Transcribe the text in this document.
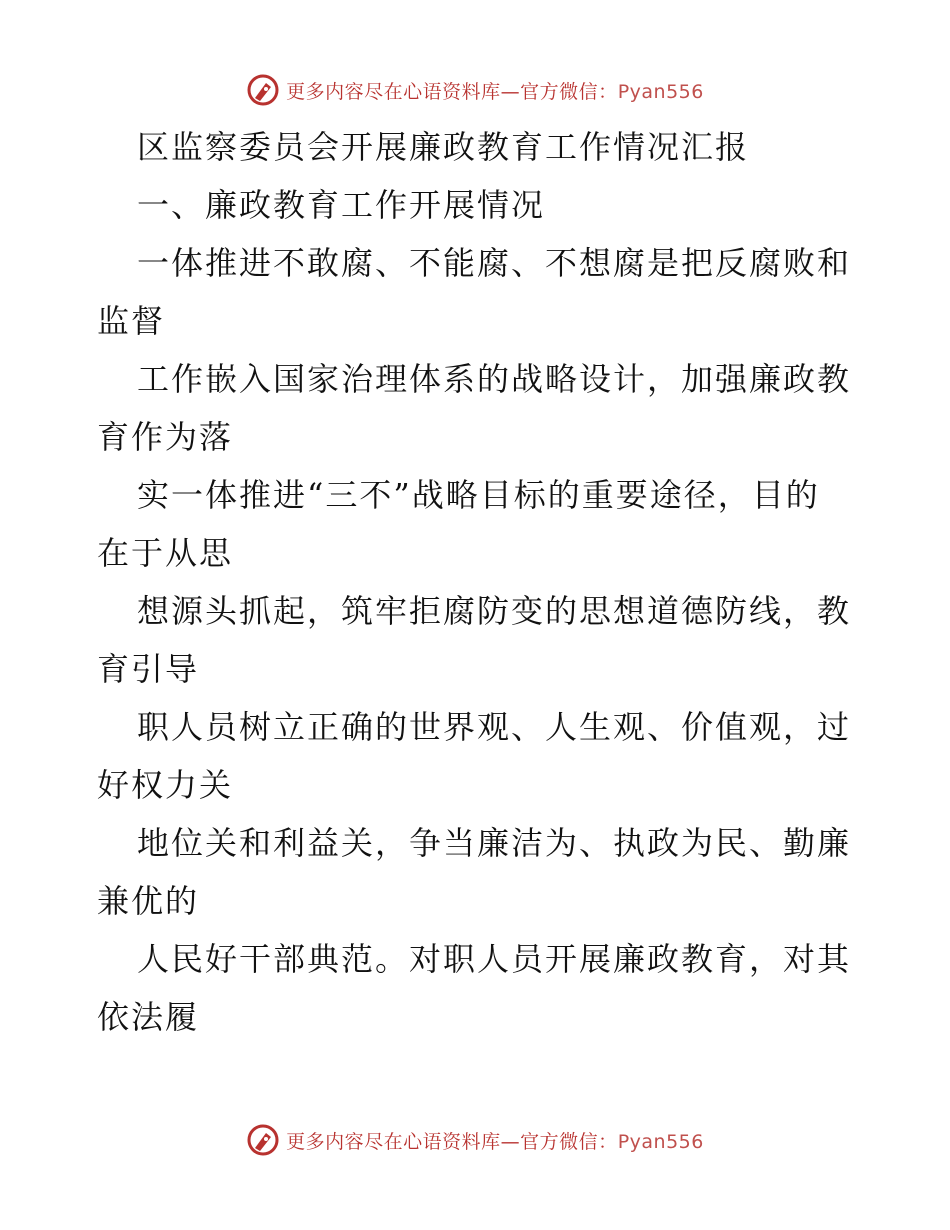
更多内容尽在心语资料库—官方微信：Pyan556
区监察委员会开展廉政教育工作情况汇报
一、廉政教育工作开展情况
一体推进不敢腐、不能腐、不想腐是把反腐败和
监督
工作嵌入国家治理体系的战略设计，加强廉政教
育作为落
实一体推进“三不”战略目标的重要途径，目的
在于从思
想源头抓起，筑牢拒腐防变的思想道德防线，教
育引导
职人员树立正确的世界观、人生观、价值观，过
好权力关
地位关和利益关，争当廉洁为、执政为民、勤廉
兼优的
人民好干部典范。对职人员开展廉政教育，对其
依法履
更多内容尽在心语资料库—官方微信：Pyan556
